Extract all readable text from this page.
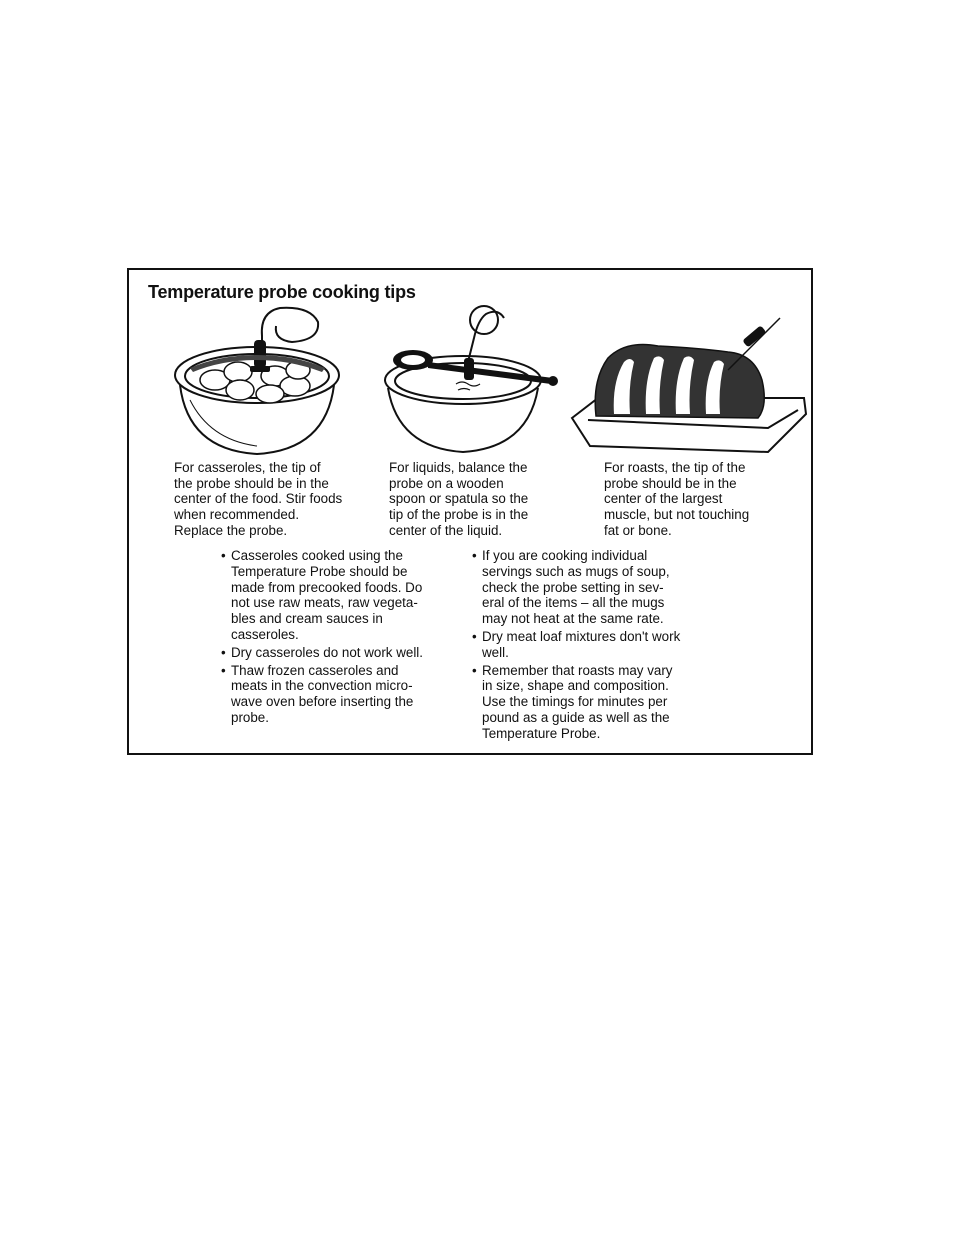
Temperature probe cooking tips

For casseroles, the tip of
the probe should be in the
center of the food. Stir foods
when recommended.
Replace the probe.

For liquids, balance the
probe on a wooden
spoon or spatula so the
tip of the probe is in the
center of the liquid.

For roasts, the tip of the
probe should be in the
center of the largest
muscle, but not touching
fat or bone.

• Casseroles cooked using the
Temperature Probe should be
made from precooked foods. Do
not use raw meats, raw vegeta-
bles and cream sauces in
casseroles.
• Dry casseroles do not work well.
• Thaw frozen casseroles and
meats in the convection micro-
wave oven before inserting the
probe.
• If you are cooking individual
servings such as mugs of soup,
check the probe setting in sev-
eral of the items – all the mugs
may not heat at the same rate.
• Dry meat loaf mixtures don't work
well.
• Remember that roasts may vary
in size, shape and composition.
Use the timings for minutes per
pound as a guide as well as the
Temperature Probe.
